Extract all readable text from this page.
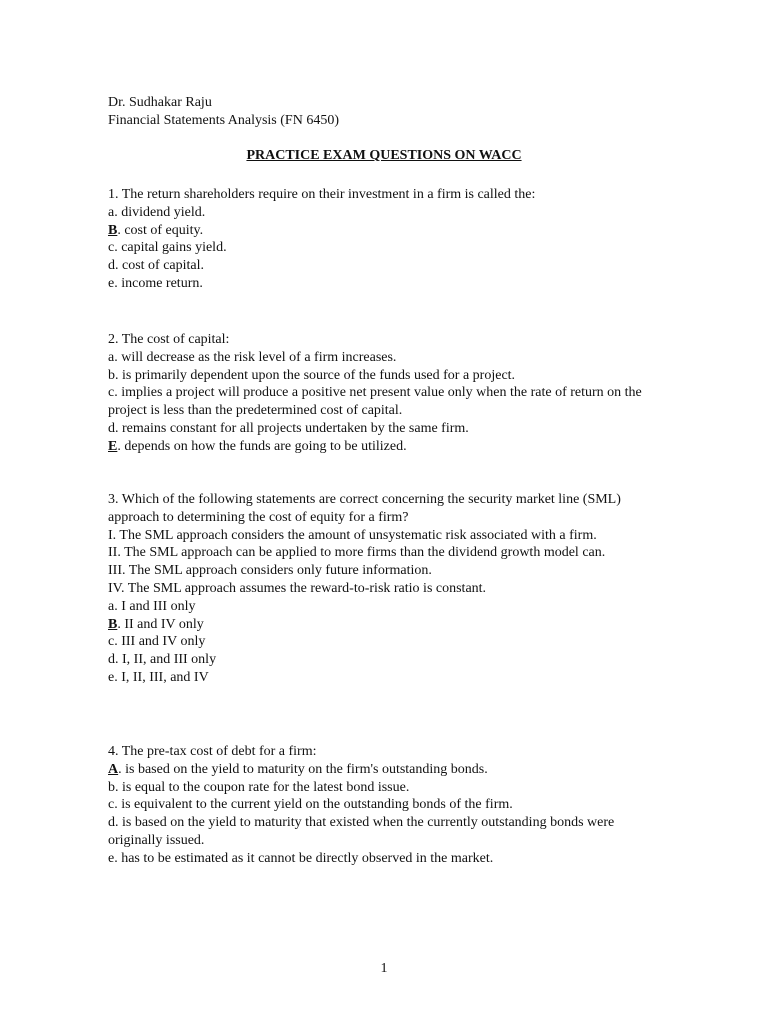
Dr. Sudhakar Raju
Financial Statements Analysis (FN 6450)
PRACTICE EXAM QUESTIONS ON WACC
1. The return shareholders require on their investment in a firm is called the:
a. dividend yield.
B. cost of equity.
c. capital gains yield.
d. cost of capital.
e. income return.
2. The cost of capital:
a. will decrease as the risk level of a firm increases.
b. is primarily dependent upon the source of the funds used for a project.
c. implies a project will produce a positive net present value only when the rate of return on the project is less than the predetermined cost of capital.
d. remains constant for all projects undertaken by the same firm.
E. depends on how the funds are going to be utilized.
3. Which of the following statements are correct concerning the security market line (SML)
approach to determining the cost of equity for a firm?
I. The SML approach considers the amount of unsystematic risk associated with a firm.
II. The SML approach can be applied to more firms than the dividend growth model can.
III. The SML approach considers only future information.
IV. The SML approach assumes the reward-to-risk ratio is constant.
a. I and III only
B. II and IV only
c. III and IV only
d. I, II, and III only
e. I, II, III, and IV
4. The pre-tax cost of debt for a firm:
A. is based on the yield to maturity on the firm's outstanding bonds.
b. is equal to the coupon rate for the latest bond issue.
c. is equivalent to the current yield on the outstanding bonds of the firm.
d. is based on the yield to maturity that existed when the currently outstanding bonds were originally issued.
e. has to be estimated as it cannot be directly observed in the market.
1
